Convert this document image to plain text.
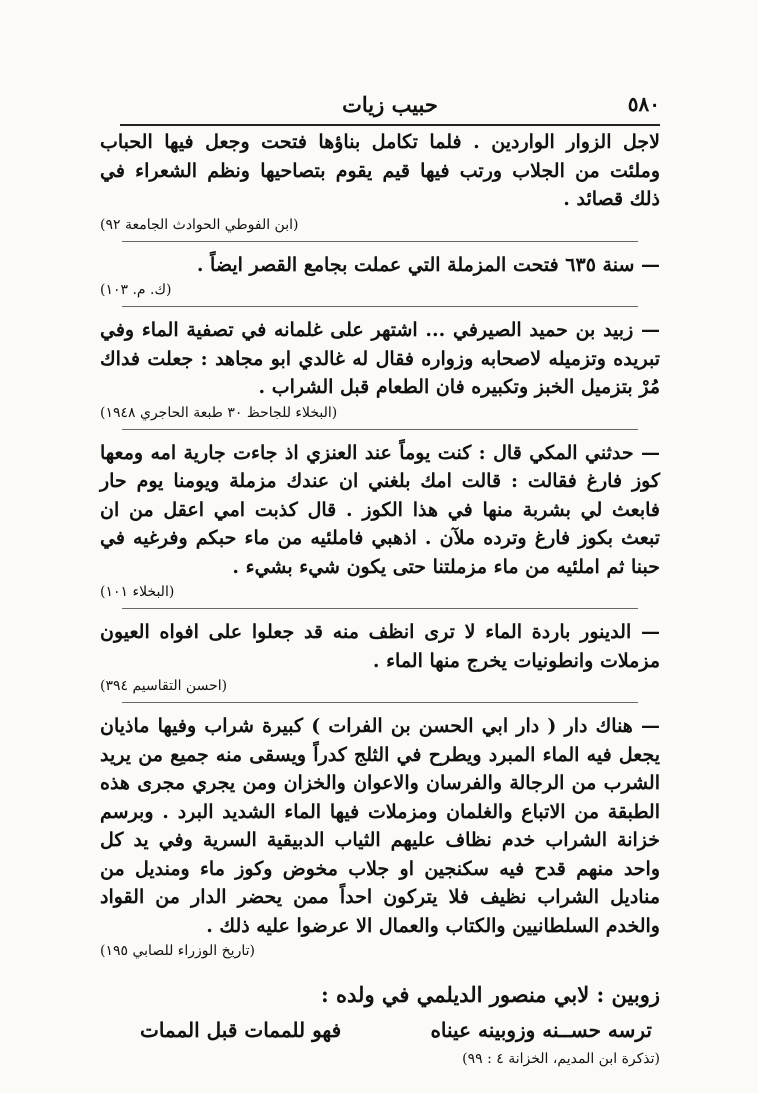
٥٨٠
حبيب زيات

لاجل الزوار الواردين . فلما تكامل بناؤها فتحت وجعل فيها الحباب وملئت من الجلاب ورتب فيها قيم يقوم بتصاحيها ونظم الشعراء في ذلك قصائد .

(ابن الفوطي الحوادث الجامعة ٩٢)

— سنة ٦٣٥ فتحت المزملة التي عملت بجامع القصر ايضاً .

(ك. م. ١٠٣)

— زبيد بن حميد الصيرفي ... اشتهر على غلمانه في تصفية الماء وفي تبريده وتزميله لاصحابه وزواره فقال له غالدي ابو مجاهد : جعلت فداك مُرْ بتزميل الخبز وتكبيره فان الطعام قبل الشراب .

(البخلاء للجاحظ ٣٠ طبعة الحاجري ١٩٤٨)

— حدثني المكي قال : كنت يوماً عند العنزي اذ جاءت جارية امه ومعها كوز فارغ فقالت : قالت امك بلغني ان عندك مزملة ويومنا يوم حار فابعث لي بشربة منها في هذا الكوز . قال كذبت امي اعقل من ان تبعث بكوز فارغ وترده ملآن . اذهبي فاملئيه من ماء حبكم وفرغيه في حبنا ثم املئيه من ماء مزملتنا حتى يكون شيء بشيء .

(البخلاء ١٠١)

— الدينور باردة الماء لا ترى انظف منه قد جعلوا على افواه العيون مزملات وانطونيات يخرج منها الماء .

(احسن التقاسيم ٣٩٤)

— هناك دار ( دار ابي الحسن بن الفرات ) كبيرة شراب وفيها ماذيان يجعل فيه الماء المبرد ويطرح في الثلج كدراً ويسقى منه جميع من يريد الشرب من الرجالة والفرسان والاعوان والخزان ومن يجري مجرى هذه الطبقة من الاتباع والغلمان ومزملات فيها الماء الشديد البرد . وبرسم خزانة الشراب خدم نظاف عليهم الثياب الدبيقية السرية وفي يد كل واحد منهم قدح فيه سكنجين او جلاب مخوض وكوز ماء ومنديل من مناديل الشراب نظيف فلا يتركون احداً ممن يحضر الدار من القواد والخدم السلطانيين والكتاب والعمال الا عرضوا عليه ذلك .

(تاريخ الوزراء للصابي ١٩٥)

زوبين : لابي منصور الديلمي في ولده :

ترسه حســنه وزوبينه عيناه
فهو للممات قبل الممات
(تذكرة ابن المديم، الخزانة ٤ : ٩٩)
